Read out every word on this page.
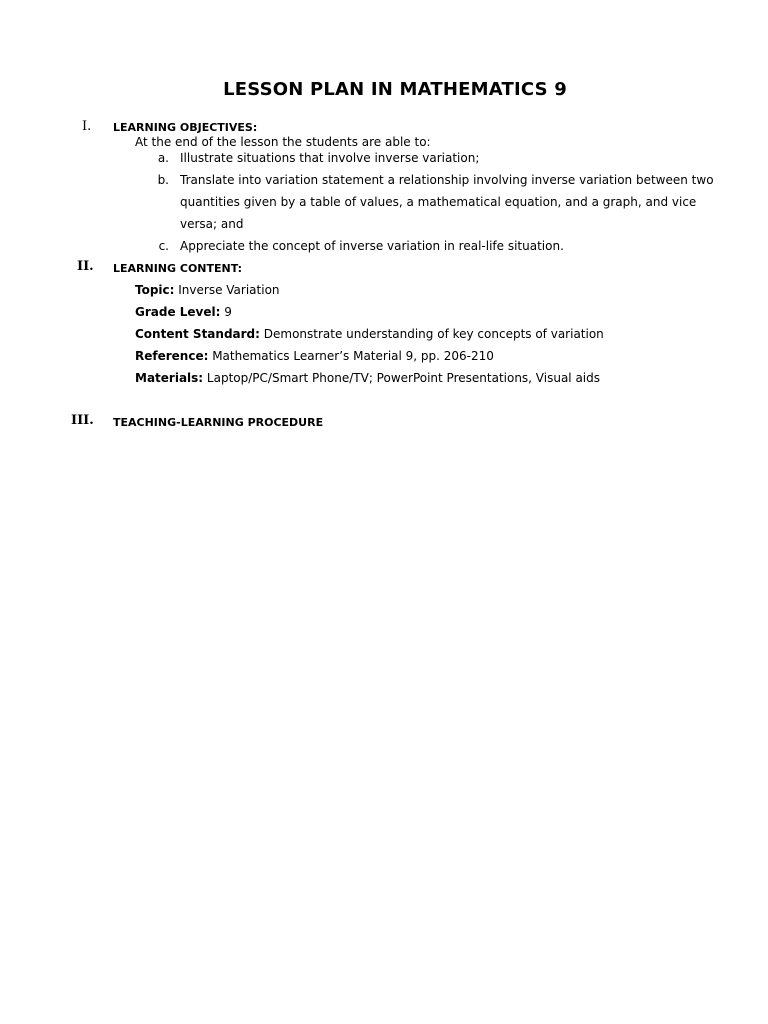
LESSON PLAN IN MATHEMATICS 9
I. LEARNING OBJECTIVES:
At the end of the lesson the students are able to:
a. Illustrate situations that involve inverse variation;
b. Translate into variation statement a relationship involving inverse variation between two
quantities given by a table of values, a mathematical equation, and a graph, and vice
versa; and
c. Appreciate the concept of inverse variation in real-life situation.
II. LEARNING CONTENT:
Topic: Inverse Variation
Grade Level: 9
Content Standard: Demonstrate understanding of key concepts of variation
Reference: Mathematics Learner’s Material 9, pp. 206-210
Materials: Laptop/PC/Smart Phone/TV; PowerPoint Presentations, Visual aids
III. TEACHING-LEARNING PROCEDURE
